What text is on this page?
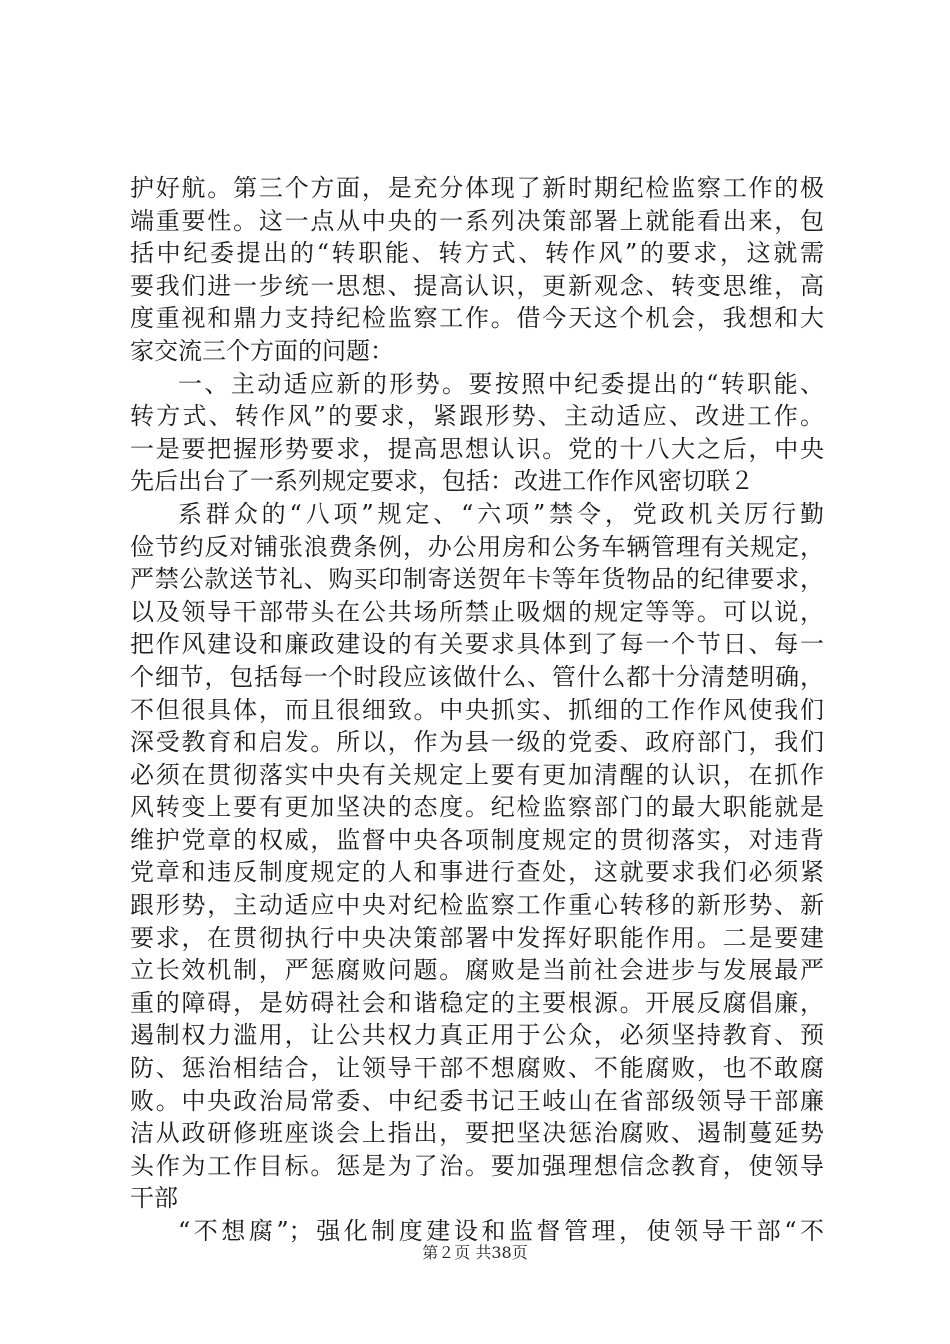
护好航。第三个方面，是充分体现了新时期纪检监察工作的极
端重要性。这一点从中央的一系列决策部署上就能看出来，包
括中纪委提出的“转职能、转方式、转作风”的要求，这就需
要我们进一步统一思想、提高认识，更新观念、转变思维，高
度重视和鼎力支持纪检监察工作。借今天这个机会，我想和大
家交流三个方面的问题：
一、主动适应新的形势。要按照中纪委提出的“转职能、
转方式、转作风”的要求，紧跟形势、主动适应、改进工作。
一是要把握形势要求，提高思想认识。党的十八大之后，中央
先后出台了一系列规定要求，包括：改进工作作风密切联２
系群众的“八项”规定、“六项”禁令，党政机关厉行勤
俭节约反对铺张浪费条例，办公用房和公务车辆管理有关规定，
严禁公款送节礼、购买印制寄送贺年卡等年货物品的纪律要求，
以及领导干部带头在公共场所禁止吸烟的规定等等。可以说，
把作风建设和廉政建设的有关要求具体到了每一个节日、每一
个细节，包括每一个时段应该做什么、管什么都十分清楚明确，
不但很具体，而且很细致。中央抓实、抓细的工作作风使我们
深受教育和启发。所以，作为县一级的党委、政府部门，我们
必须在贯彻落实中央有关规定上要有更加清醒的认识，在抓作
风转变上要有更加坚决的态度。纪检监察部门的最大职能就是
维护党章的权威，监督中央各项制度规定的贯彻落实，对违背
党章和违反制度规定的人和事进行查处，这就要求我们必须紧
跟形势，主动适应中央对纪检监察工作重心转移的新形势、新
要求，在贯彻执行中央决策部署中发挥好职能作用。二是要建
立长效机制，严惩腐败问题。腐败是当前社会进步与发展最严
重的障碍，是妨碍社会和谐稳定的主要根源。开展反腐倡廉，
遏制权力滥用，让公共权力真正用于公众，必须坚持教育、预
防、惩治相结合，让领导干部不想腐败、不能腐败，也不敢腐
败。中央政治局常委、中纪委书记王岐山在省部级领导干部廉
洁从政研修班座谈会上指出，要把坚决惩治腐败、遏制蔓延势
头作为工作目标。惩是为了治。要加强理想信念教育，使领导
干部
“不想腐”；强化制度建设和监督管理，使领导干部“不
第２页 共38页
